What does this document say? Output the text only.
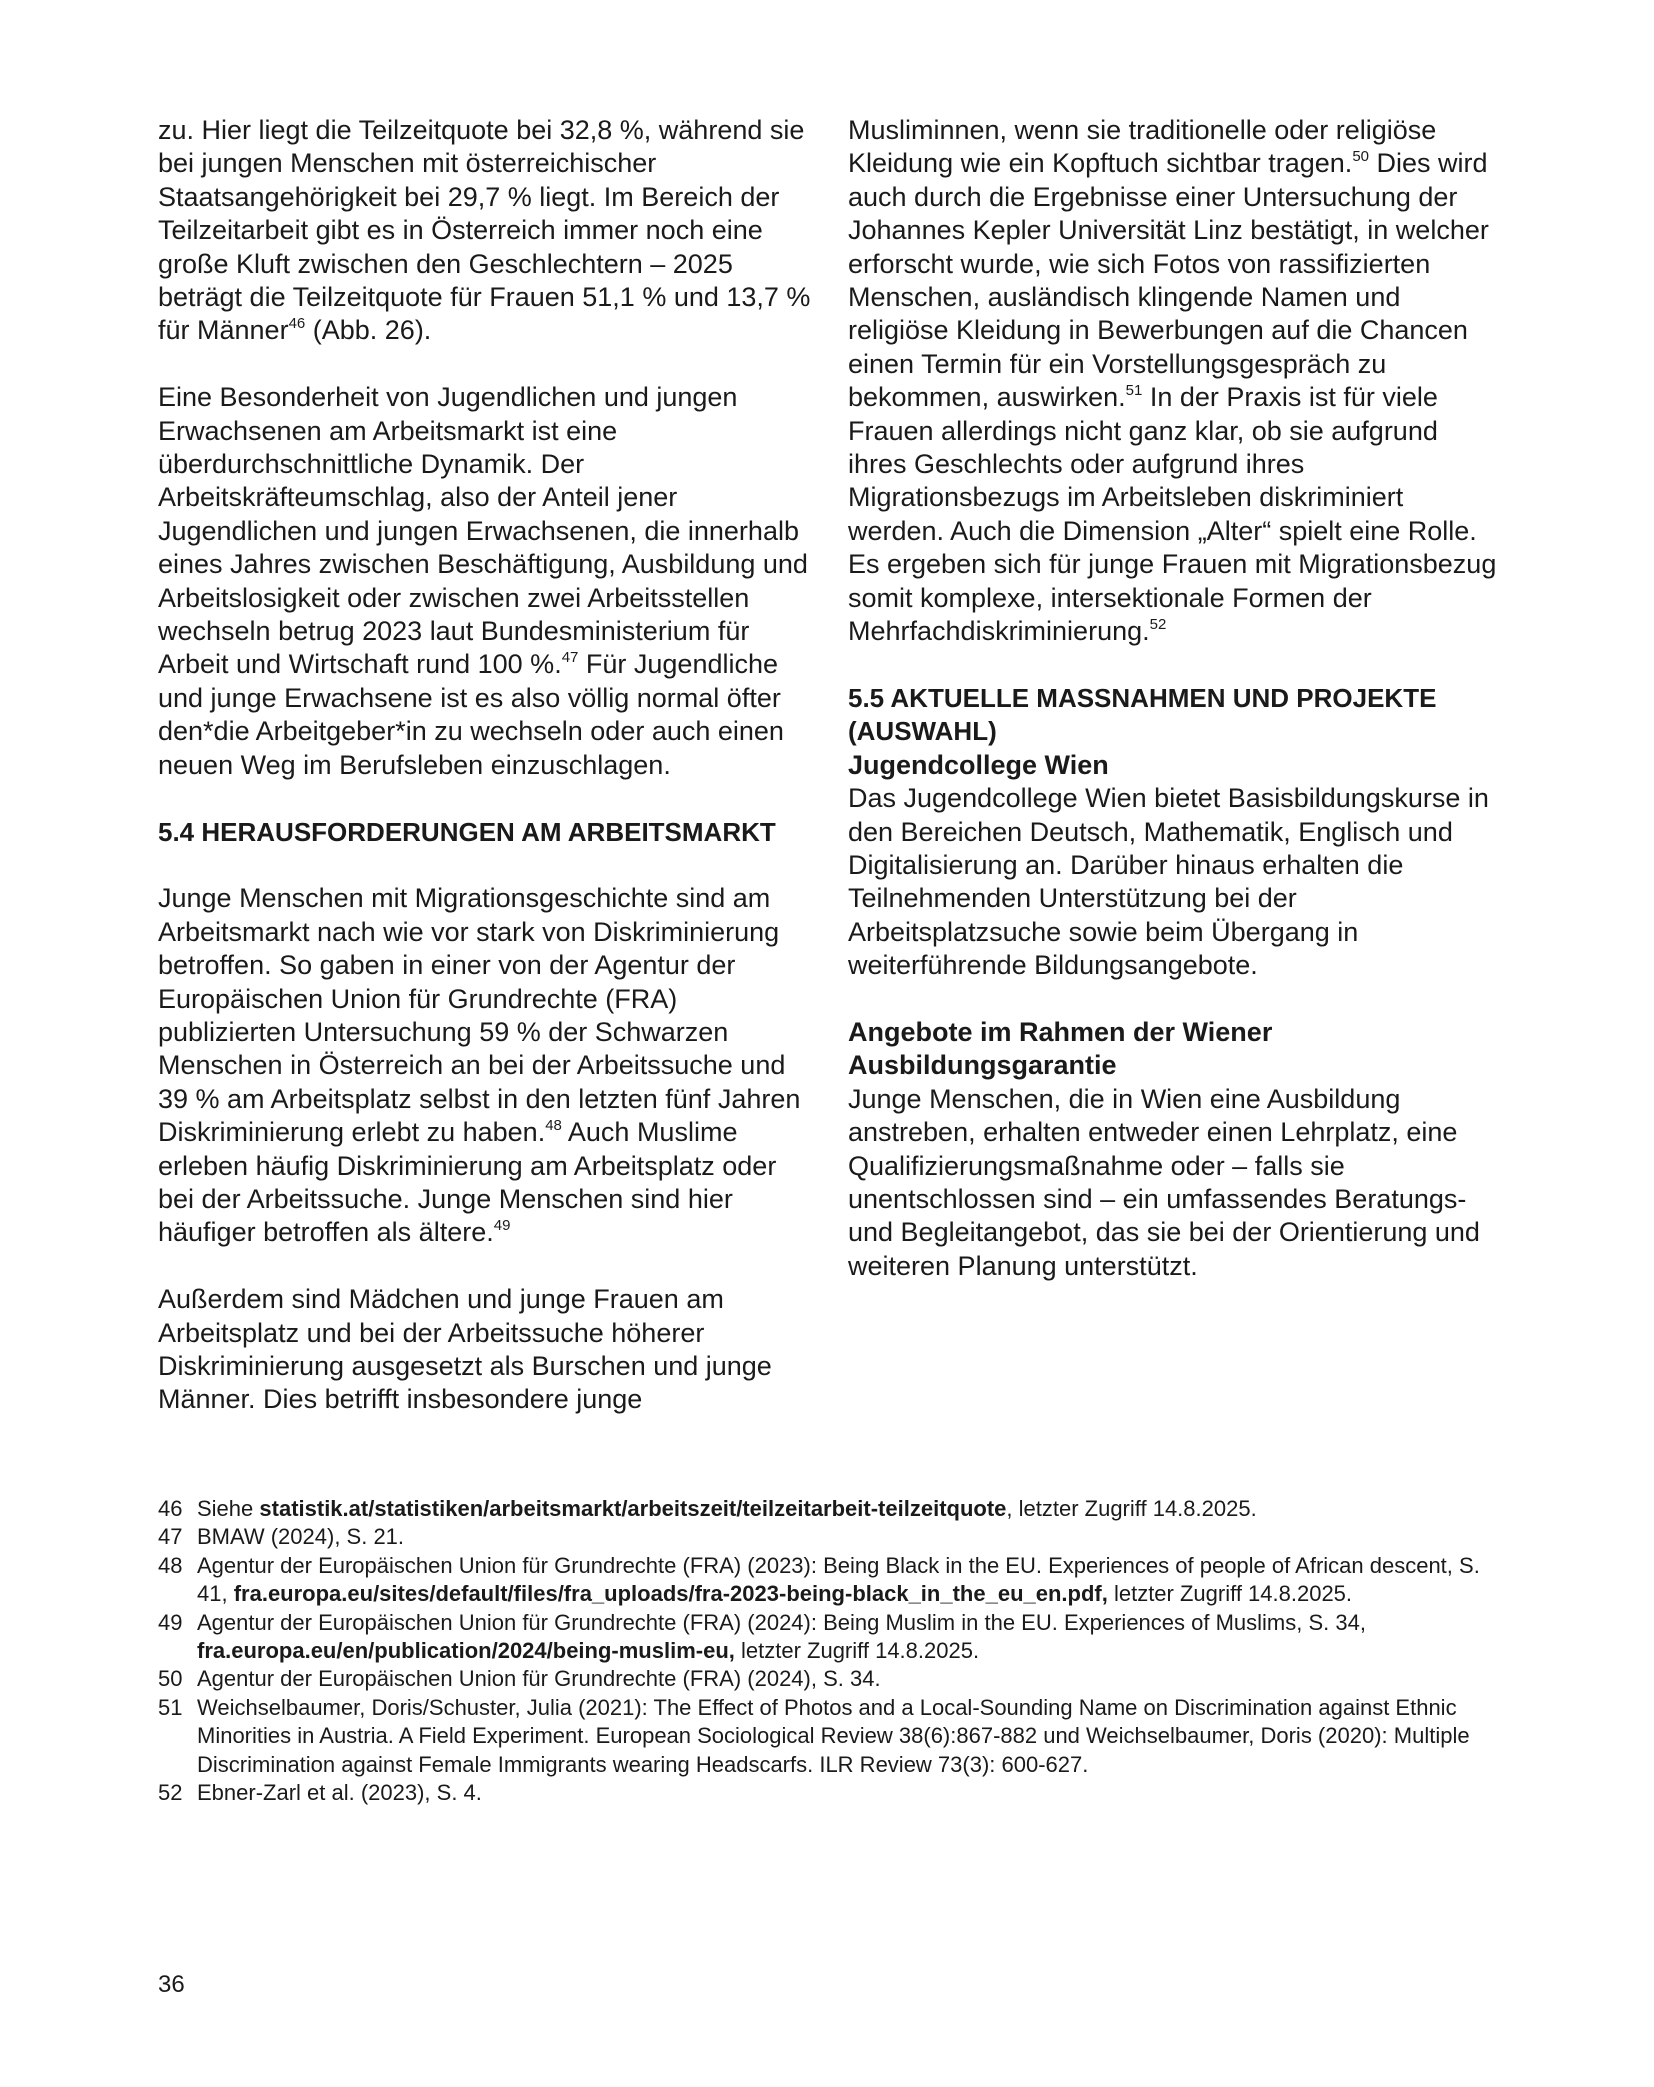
zu. Hier liegt die Teilzeitquote bei 32,8 %, während sie bei jungen Menschen mit österreichischer Staatsangehörigkeit bei 29,7 % liegt. Im Bereich der Teilzeitarbeit gibt es in Österreich immer noch eine große Kluft zwischen den Geschlechtern – 2025 beträgt die Teilzeitquote für Frauen 51,1 % und 13,7 % für Männer$^{46}$ (Abb. 26).

Eine Besonderheit von Jugendlichen und jungen Erwachsenen am Arbeitsmarkt ist eine überdurchschnittliche Dynamik. Der Arbeitskräfteumschlag, also der Anteil jener Jugendlichen und jungen Erwachsenen, die innerhalb eines Jahres zwischen Beschäftigung, Ausbildung und Arbeitslosigkeit oder zwischen zwei Arbeitsstellen wechseln betrug 2023 laut Bundesministerium für Arbeit und Wirtschaft rund 100 %.$^{47}$ Für Jugendliche und junge Erwachsene ist es also völlig normal öfter den*die Arbeitgeber*in zu wechseln oder auch einen neuen Weg im Berufsleben einzuschlagen.

5.4 HERAUSFORDERUNGEN AM ARBEITSMARKT

Junge Menschen mit Migrationsgeschichte sind am Arbeitsmarkt nach wie vor stark von Diskriminierung betroffen. So gaben in einer von der Agentur der Europäischen Union für Grundrechte (FRA) publizierten Untersuchung 59 % der Schwarzen Menschen in Österreich an bei der Arbeitssuche und 39 % am Arbeitsplatz selbst in den letzten fünf Jahren Diskriminierung erlebt zu haben.$^{48}$ Auch Muslime erleben häufig Diskriminierung am Arbeitsplatz oder bei der Arbeitssuche. Junge Menschen sind hier häufiger betroffen als ältere.$^{49}$

Außerdem sind Mädchen und junge Frauen am Arbeitsplatz und bei der Arbeitssuche höherer Diskriminierung ausgesetzt als Burschen und junge Männer. Dies betrifft insbesondere junge

Musliminnen, wenn sie traditionelle oder religiöse Kleidung wie ein Kopftuch sichtbar tragen.$^{50}$ Dies wird auch durch die Ergebnisse einer Untersuchung der Johannes Kepler Universität Linz bestätigt, in welcher erforscht wurde, wie sich Fotos von rassifizierten Menschen, ausländisch klingende Namen und religiöse Kleidung in Bewerbungen auf die Chancen einen Termin für ein Vorstellungsgespräch zu bekommen, auswirken.$^{51}$ In der Praxis ist für viele Frauen allerdings nicht ganz klar, ob sie aufgrund ihres Geschlechts oder aufgrund ihres Migrationsbezugs im Arbeitsleben diskriminiert werden. Auch die Dimension „Alter“ spielt eine Rolle. Es ergeben sich für junge Frauen mit Migrationsbezug somit komplexe, intersektionale Formen der Mehrfachdiskriminierung.$^{52}$

5.5 AKTUELLE MASSNAHMEN UND PROJEKTE (AUSWAHL)
Jugendcollege Wien

Das Jugendcollege Wien bietet Basisbildungskurse in den Bereichen Deutsch, Mathematik, Englisch und Digitalisierung an. Darüber hinaus erhalten die Teilnehmenden Unterstützung bei der Arbeitsplatzsuche sowie beim Übergang in weiterführende Bildungsangebote.

Angebote im Rahmen der Wiener Ausbildungsgarantie

Junge Menschen, die in Wien eine Ausbildung anstreben, erhalten entweder einen Lehrplatz, eine Qualifizierungsmaßnahme oder – falls sie unentschlossen sind – ein umfassendes Beratungs- und Begleitangebot, das sie bei der Orientierung und weiteren Planung unterstützt.

46 Siehe statistik.at/statistiken/arbeitsmarkt/arbeitszeit/teilzeitarbeit-teilzeitquote, letzter Zugriff 14.8.2025.
47 BMAW (2024), S. 21.
48 Agentur der Europäischen Union für Grundrechte (FRA) (2023): Being Black in the EU. Experiences of people of African descent, S. 41, fra.europa.eu/sites/default/files/fra_uploads/fra-2023-being-black_in_the_eu_en.pdf, letzter Zugriff 14.8.2025.
49 Agentur der Europäischen Union für Grundrechte (FRA) (2024): Being Muslim in the EU. Experiences of Muslims, S. 34, fra.europa.eu/en/publication/2024/being-muslim-eu, letzter Zugriff 14.8.2025.
50 Agentur der Europäischen Union für Grundrechte (FRA) (2024), S. 34.
51 Weichselbaumer, Doris/Schuster, Julia (2021): The Effect of Photos and a Local-Sounding Name on Discrimination against Ethnic Minorities in Austria. A Field Experiment. European Sociological Review 38(6):867-882 und Weichselbaumer, Doris (2020): Multiple Discrimination against Female Immigrants wearing Headscarfs. ILR Review 73(3): 600-627.
52 Ebner-Zarl et al. (2023), S. 4.
36
